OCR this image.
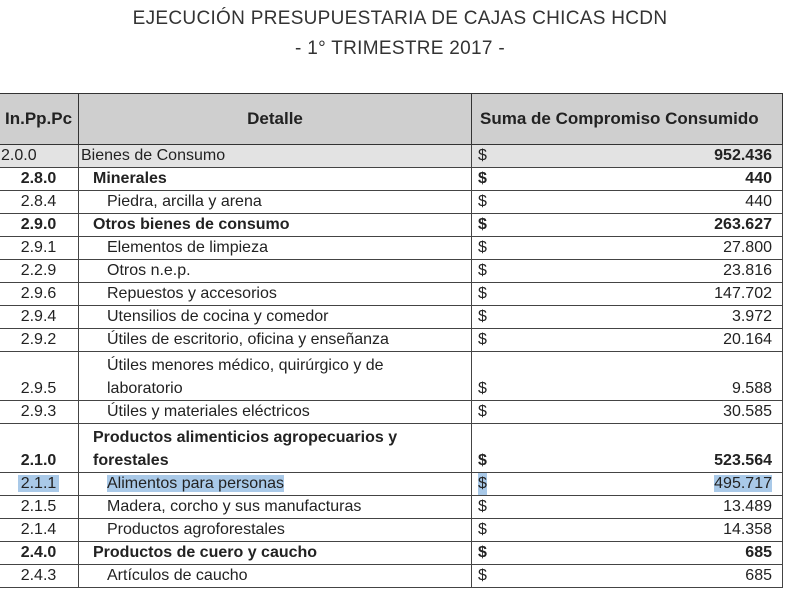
EJECUCIÓN PRESUPUESTARIA DE CAJAS CHICAS HCDN
- 1° TRIMESTRE 2017 -
In.Pp.Pc	Detalle	Suma de Compromiso Consumido
2.0.0	Bienes de Consumo	$ 952.436
2.8.0	Minerales	$ 440
2.8.4	Piedra, arcilla y arena	$ 440
2.9.0	Otros bienes de consumo	$ 263.627
2.9.1	Elementos de limpieza	$ 27.800
2.2.9	Otros n.e.p.	$ 23.816
2.9.6	Repuestos y accesorios	$ 147.702
2.9.4	Utensilios de cocina y comedor	$ 3.972
2.9.2	Útiles de escritorio, oficina y enseñanza	$ 20.164
2.9.5	Útiles menores médico, quirúrgico y de
laboratorio	$ 9.588
2.9.3	Útiles y materiales eléctricos	$ 30.585
2.1.0	Productos alimenticios agropecuarios y
forestales	$ 523.564
2.1.1	Alimentos para personas	$ 495.717
2.1.5	Madera, corcho y sus manufacturas	$ 13.489
2.1.4	Productos agroforestales	$ 14.358
2.4.0	Productos de cuero y caucho	$ 685
2.4.3	Artículos de caucho	$ 685
